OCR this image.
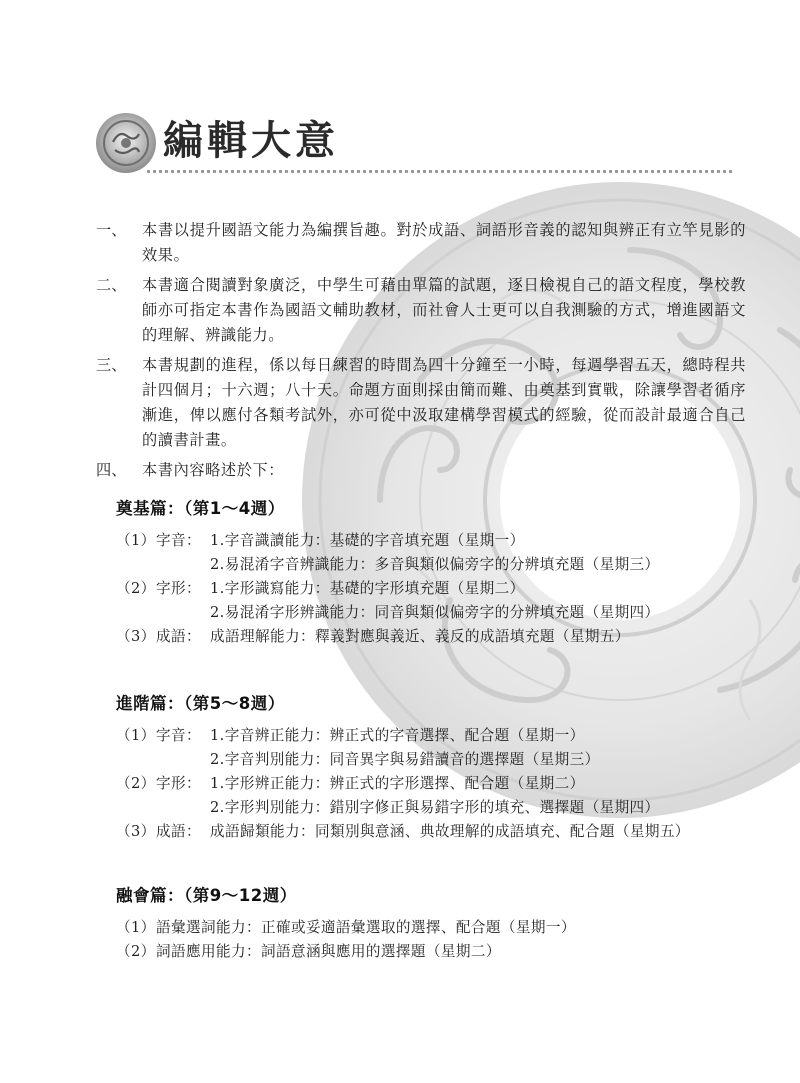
編輯大意
一、	本書以提升國語文能力為編撰旨趣。對於成語、詞語形音義的認知與辨正有立竿見影的效果。
二、	本書適合閱讀對象廣泛，中學生可藉由單篇的試題，逐日檢視自己的語文程度，學校教師亦可指定本書作為國語文輔助教材，而社會人士更可以自我測驗的方式，增進國語文的理解、辨識能力。
三、	本書規劃的進程，係以每日練習的時間為四十分鐘至一小時，每週學習五天，總時程共計四個月；十六週；八十天。命題方面則採由簡而難、由奠基到實戰，除讓學習者循序漸進，俾以應付各類考試外，亦可從中汲取建構學習模式的經驗，從而設計最適合自己的讀書計畫。
四、	本書內容略述於下：
奠基篇：（第1～4週）
（1） 字音： 1.字音識讀能力：基礎的字音填充題（星期一）
2.易混淆字音辨識能力：多音與類似偏旁字的分辨填充題（星期三）
（2） 字形： 1.字形識寫能力：基礎的字形填充題（星期二）
2.易混淆字形辨識能力：同音與類似偏旁字的分辨填充題（星期四）
（3） 成語： 成語理解能力：釋義對應與義近、義反的成語填充題（星期五）
進階篇：（第5～8週）
（1） 字音： 1.字音辨正能力：辨正式的字音選擇、配合題（星期一）
2.字音判別能力：同音異字與易錯讀音的選擇題（星期三）
（2） 字形： 1.字形辨正能力：辨正式的字形選擇、配合題（星期二）
2.字形判別能力：錯別字修正與易錯字形的填充、選擇題（星期四）
（3） 成語： 成語歸類能力：同類別與意涵、典故理解的成語填充、配合題（星期五）
融會篇：（第9～12週）
（1） 語彙選詞能力：正確或妥適語彙選取的選擇、配合題（星期一）
（2） 詞語應用能力：詞語意涵與應用的選擇題（星期二）
